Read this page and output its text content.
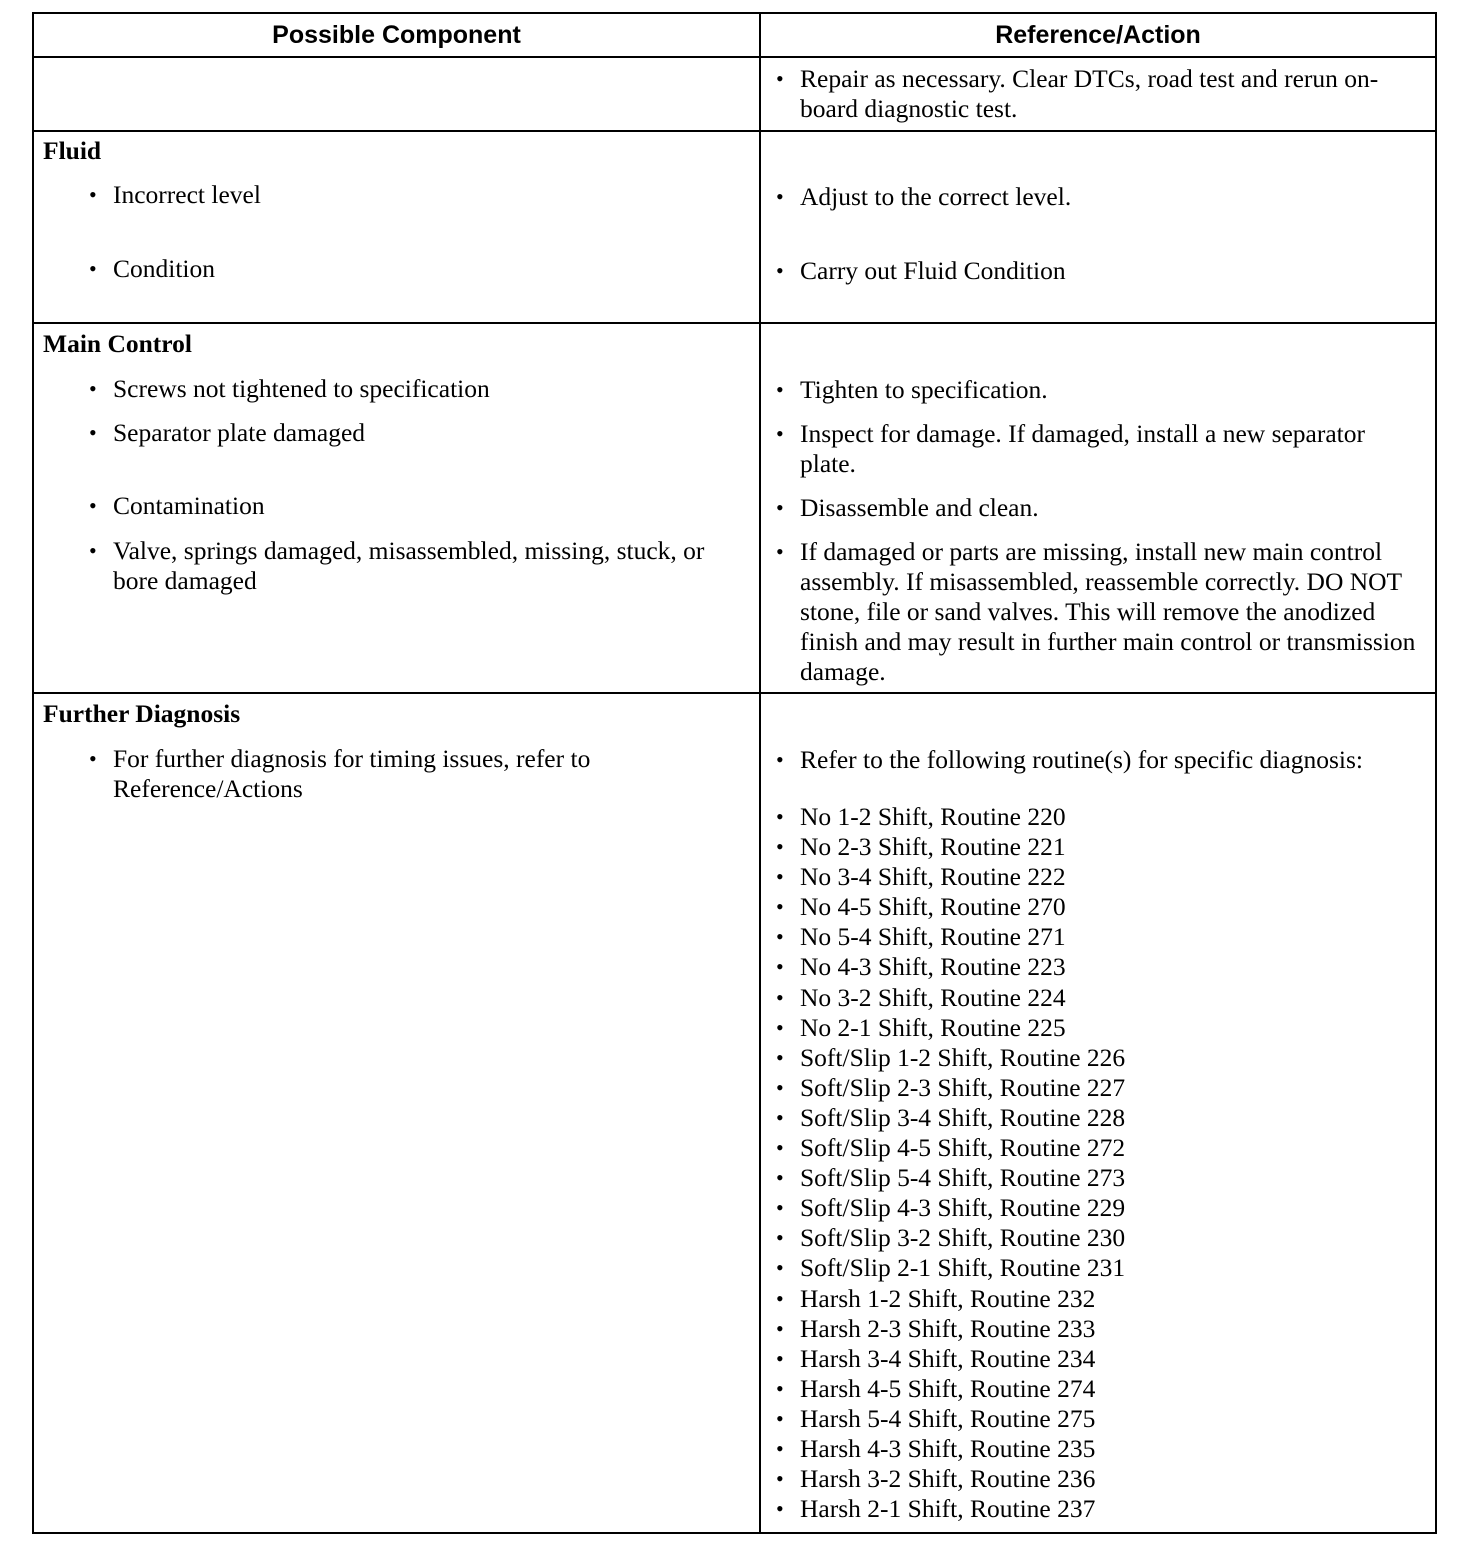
Possible Component	Reference/Action
• Repair as necessary. Clear DTCs, road test and rerun on-board diagnostic test.
Fluid
• Incorrect level
• Condition
• Adjust to the correct level.
• Carry out Fluid Condition
Main Control
• Screws not tightened to specification
• Separator plate damaged
• Contamination
• Valve, springs damaged, misassembled, missing, stuck, or bore damaged
• Tighten to specification.
• Inspect for damage. If damaged, install a new separator plate.
• Disassemble and clean.
• If damaged or parts are missing, install new main control assembly. If misassembled, reassemble correctly. DO NOT stone, file or sand valves. This will remove the anodized finish and may result in further main control or transmission damage.
Further Diagnosis
• For further diagnosis for timing issues, refer to Reference/Actions
• Refer to the following routine(s) for specific diagnosis:
• No 1-2 Shift, Routine 220
• No 2-3 Shift, Routine 221
• No 3-4 Shift, Routine 222
• No 4-5 Shift, Routine 270
• No 5-4 Shift, Routine 271
• No 4-3 Shift, Routine 223
• No 3-2 Shift, Routine 224
• No 2-1 Shift, Routine 225
• Soft/Slip 1-2 Shift, Routine 226
• Soft/Slip 2-3 Shift, Routine 227
• Soft/Slip 3-4 Shift, Routine 228
• Soft/Slip 4-5 Shift, Routine 272
• Soft/Slip 5-4 Shift, Routine 273
• Soft/Slip 4-3 Shift, Routine 229
• Soft/Slip 3-2 Shift, Routine 230
• Soft/Slip 2-1 Shift, Routine 231
• Harsh 1-2 Shift, Routine 232
• Harsh 2-3 Shift, Routine 233
• Harsh 3-4 Shift, Routine 234
• Harsh 4-5 Shift, Routine 274
• Harsh 5-4 Shift, Routine 275
• Harsh 4-3 Shift, Routine 235
• Harsh 3-2 Shift, Routine 236
• Harsh 2-1 Shift, Routine 237
